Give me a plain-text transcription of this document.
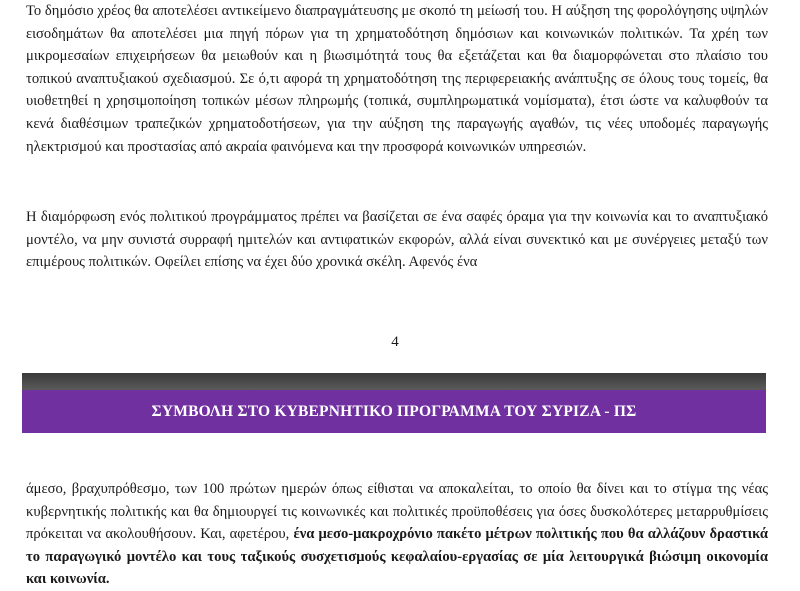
Το δημόσιο χρέος θα αποτελέσει αντικείμενο διαπραγμάτευσης με σκοπό τη μείωσή του. Η αύξηση της φορολόγησης υψηλών εισοδημάτων θα αποτελέσει μια πηγή πόρων για τη χρηματοδότηση δημόσιων και κοινωνικών πολιτικών. Τα χρέη των μικρομεσαίων επιχειρήσεων θα μειωθούν και η βιωσιμότητά τους θα εξετάζεται και θα διαμορφώνεται στο πλαίσιο του τοπικού αναπτυξιακού σχεδιασμού. Σε ό,τι αφορά τη χρηματοδότηση της περιφερειακής ανάπτυξης σε όλους τους τομείς, θα υιοθετηθεί η χρησιμοποίηση τοπικών μέσων πληρωμής (τοπικά, συμπληρωματικά νομίσματα), έτσι ώστε να καλυφθούν τα κενά διαθέσιμων τραπεζικών χρηματοδοτήσεων, για την αύξηση της παραγωγής αγαθών, τις νέες υποδομές παραγωγής ηλεκτρισμού και προστασίας από ακραία φαινόμενα και την προσφορά κοινωνικών υπηρεσιών.

Η διαμόρφωση ενός πολιτικού προγράμματος πρέπει να βασίζεται σε ένα σαφές όραμα για την κοινωνία και το αναπτυξιακό μοντέλο, να μην συνιστά συρραφή ημιτελών και αντιφατικών εκφορών, αλλά είναι συνεκτικό και με συνέργειες μεταξύ των επιμέρους πολιτικών. Οφείλει επίσης να έχει δύο χρονικά σκέλη. Αφενός ένα

4
ΣΥΜΒΟΛΗ ΣΤΟ ΚΥΒΕΡΝΗΤΙΚΟ ΠΡΟΓΡΑΜΜΑ ΤΟΥ ΣΥΡΙΖΑ - ΠΣ

άμεσο, βραχυπρόθεσμο, των 100 πρώτων ημερών όπως είθισται να αποκαλείται, το οποίο θα δίνει και το στίγμα της νέας κυβερνητικής πολιτικής και θα δημιουργεί τις κοινωνικές και πολιτικές προϋποθέσεις για όσες δυσκολότερες μεταρρυθμίσεις πρόκειται να ακολουθήσουν. Και, αφετέρου, ένα μεσο-μακροχρόνιο πακέτο μέτρων πολιτικής που θα αλλάζουν δραστικά το παραγωγικό μοντέλο και τους ταξικούς συσχετισμούς κεφαλαίου-εργασίας σε μία λειτουργικά βιώσιμη οικονομία και κοινωνία.
